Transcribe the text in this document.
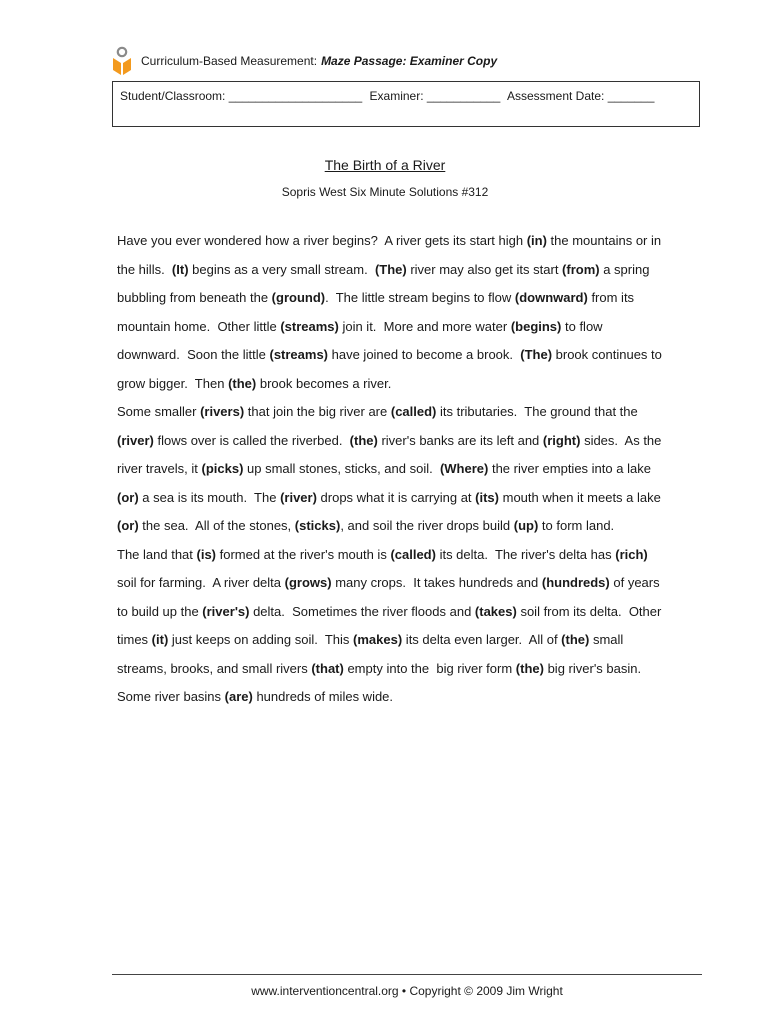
Curriculum-Based Measurement: Maze Passage: Examiner Copy
Student/Classroom: ____________________ Examiner: ___________ Assessment Date: _______
The Birth of a River
Sopris West Six Minute Solutions #312
Have you ever wondered how a river begins?  A river gets its start high (in) the mountains or in
the hills.  (It) begins as a very small stream.  (The) river may also get its start (from) a spring
bubbling from beneath the (ground).  The little stream begins to flow (downward) from its
mountain home.  Other little (streams) join it.  More and more water (begins) to flow
downward.  Soon the little (streams) have joined to become a brook.  (The) brook continues to
grow bigger.  Then (the) brook becomes a river.
Some smaller (rivers) that join the big river are (called) its tributaries.  The ground that the
(river) flows over is called the riverbed.  (the) river's banks are its left and (right) sides.  As the
river travels, it (picks) up small stones, sticks, and soil.  (Where) the river empties into a lake
(or) a sea is its mouth.  The (river) drops what it is carrying at (its) mouth when it meets a lake
(or) the sea.  All of the stones, (sticks), and soil the river drops build (up) to form land.
The land that (is) formed at the river's mouth is (called) its delta.  The river's delta has (rich)
soil for farming.  A river delta (grows) many crops.  It takes hundreds and (hundreds) of years
to build up the (river's) delta.  Sometimes the river floods and (takes) soil from its delta.  Other
times (it) just keeps on adding soil.  This (makes) its delta even larger.  All of (the) small
streams, brooks, and small rivers (that) empty into the  big river form (the) big river's basin.
Some river basins (are) hundreds of miles wide.
www.interventioncentral.org • Copyright © 2009 Jim Wright
